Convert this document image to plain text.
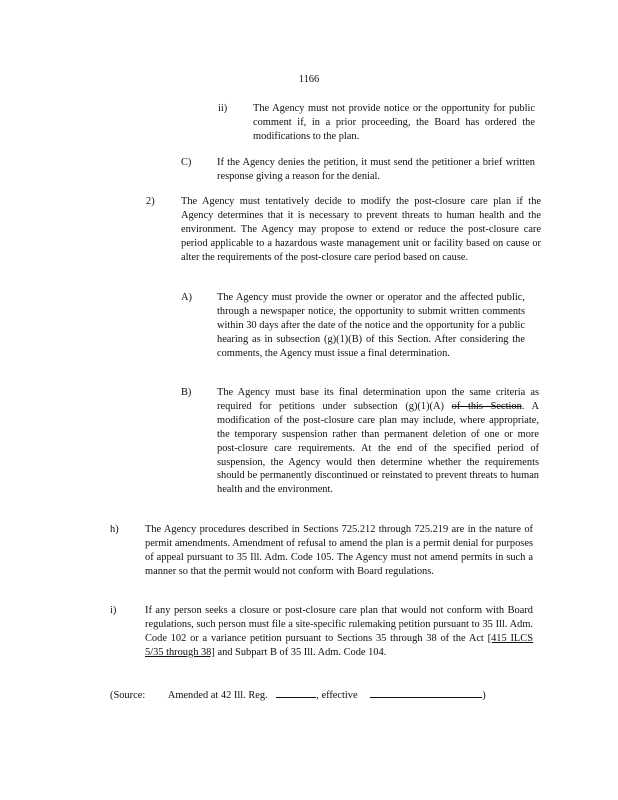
1166
ii) The Agency must not provide notice or the opportunity for public comment if, in a prior proceeding, the Board has ordered the modifications to the plan.
C) If the Agency denies the petition, it must send the petitioner a brief written response giving a reason for the denial.
2)	The Agency must tentatively decide to modify the post-closure care plan if the Agency determines that it is necessary to prevent threats to human health and the environment. The Agency may propose to extend or reduce the post-closure care period applicable to a hazardous waste management unit or facility based on cause or alter the requirements of the post-closure care period based on cause.
A) The Agency must provide the owner or operator and the affected public, through a newspaper notice, the opportunity to submit written comments within 30 days after the date of the notice and the opportunity for a public hearing as in subsection (g)(1)(B) of this Section. After considering the comments, the Agency must issue a final determination.
B) The Agency must base its final determination upon the same criteria as required for petitions under subsection (g)(1)(A) of this Section. A modification of the post-closure care plan may include, where appropriate, the temporary suspension rather than permanent deletion of one or more post-closure care requirements. At the end of the specified period of suspension, the Agency would then determine whether the requirements should be permanently discontinued or reinstated to prevent threats to human health and the environment.
h)	The Agency procedures described in Sections 725.212 through 725.219 are in the nature of permit amendments. Amendment of refusal to amend the plan is a permit denial for purposes of appeal pursuant to 35 Ill. Adm. Code 105. The Agency must not amend permits in such a manner so that the permit would not conform with Board regulations.
i)	If any person seeks a closure or post-closure care plan that would not conform with Board regulations, such person must file a site-specific rulemaking petition pursuant to 35 Ill. Adm. Code 102 or a variance petition pursuant to Sections 35 through 38 of the Act [415 ILCS 5/35 through 38] and Subpart B of 35 Ill. Adm. Code 104.
(Source: Amended at 42 Ill. Reg.	, effective	)
